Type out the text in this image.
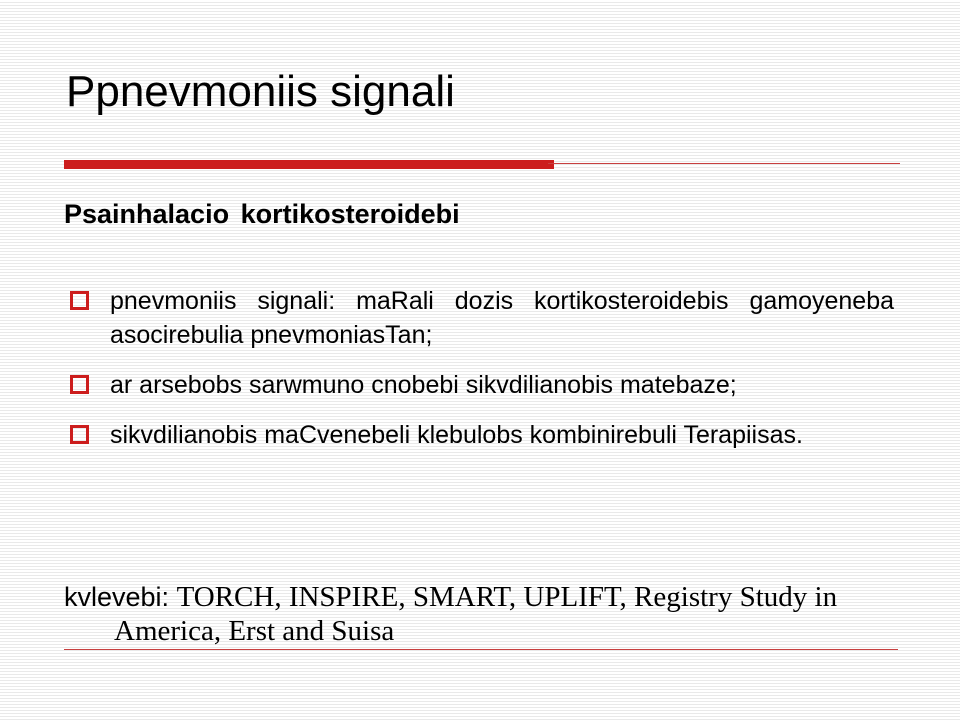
Ppnevmoniis signali
Psainhalacio kortikosteroidebi
pnevmoniis signali: maRali dozis kortikosteroidebis gamoyeneba asocirebulia pnevmoniasTan;
ar arsebobs sarwmuno cnobebi sikvdilianobis matebaze;
sikvdilianobis maCvenebeli klebulobs kombinirebuli Terapiisas.
kvlevebi: TORCH, INSPIRE, SMART, UPLIFT, Registry Study in America, Erst and Suisa
